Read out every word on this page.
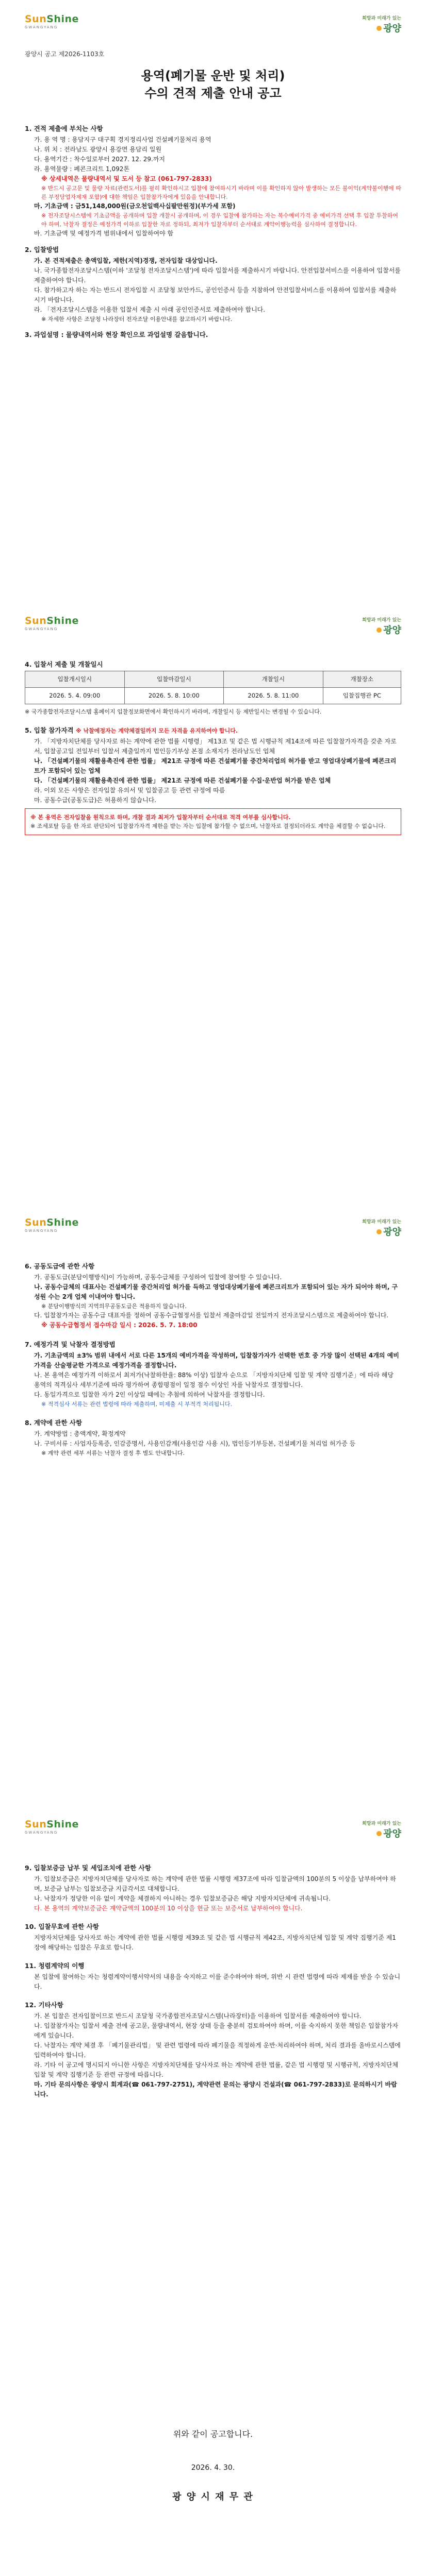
SunShine
GWANGYANG
희망과 미래가 있는
광양
광양시 공고 제2026-1103호
용역(폐기물 운반 및 처리)
수의 견적 제출 안내 공고
1. 견적 제출에 부치는 사항
가. 용 역 명 : 용담지구 대구획 경지정리사업 건설폐기물처리 용역
나. 위 치 : 전라남도 광양시 용강면 용담리 일원
다. 용역기간 : 착수일로부터 2027. 12. 29.까지
라. 용역물량 : 폐콘크리트 1,092톤
※ 상세내역은 물량내역서 및 도서 등 참고 (061-797-2833)
※ 반드시 공고문 및 물량 자료(관련도서)를 필히 확인하시고 입찰에 참여하시기 바라며 이를 확인하지 않아 발생하는 모든 불이익(계약불이행에 따른 부정당업자제재 포함)에 대한 책임은 입찰참가자에게 있음을 안내합니다.
마. 기초금액 : 금51,148,000원(금오천일백사십팔만원정)(부가세 포함)
※ 전자조달시스템에 기초금액을 공개하며 입찰 개찰시 공개하며, 이 경우 입찰에 참가하는 자는 복수예비가격 중 예비가격 선택 후 입찰 투찰하여야 하며, 낙찰자 결정은 예정가격 이하로 입찰한 자로 정하되, 최저가 입찰자부터 순서대로 계약이행능력을 심사하여 결정합니다.
바. 기초금액 및 예정가격 범위내에서 입찰하여야 함
2. 입찰방법
가. 본 견적제출은 총액입찰, 제한(지역)경쟁, 전자입찰 대상입니다.
나. 국가종합전자조달시스템(이하 '조달청 전자조달시스템')에 따라 입찰서를 제출하시기 바랍니다. 안전입찰서비스를 이용하여 입찰서를 제출하여야 합니다.
다. 참가하고자 하는 자는 반드시 전자입찰 시 조달청 보안카드, 공인인증서 등을 지참하여 안전입찰서비스를 이용하여 입찰서를 제출하시기 바랍니다.
라. 「전자조달시스템을 이용한 입찰서 제출 시 아래 공인인증서로 제출하여야 합니다.
※ 자세한 사항은 조달청 나라장터 전자조달 이용안내를 참고하시기 바랍니다.
3. 과업설명 : 물량내역서와 현장 확인으로 과업설명 갈음합니다.
SunShine
GWANGYANG
희망과 미래가 있는
광양
4. 입찰서 제출 및 개찰일시
입찰개시일시	입찰마감일시	개찰일시	개찰장소
2026. 5. 4. 09:00	2026. 5. 8. 10:00	2026. 5. 8. 11:00	입찰집행관 PC
※ 국가종합전자조달시스템 홈페이지 입찰정보화면에서 확인하시기 바라며, 개찰일시 등 제반일시는 변경될 수 있습니다.
5. 입찰 참가자격 ※ 낙찰예정자는 계약체결일까지 모든 자격을 유지하여야 합니다.
가. 「지방자치단체를 당사자로 하는 계약에 관한 법률 시행령」 제13조 및 같은 법 시행규칙 제14조에 따른 입찰참가자격을 갖춘 자로서, 입찰공고일 전일부터 입찰서 제출일까지 법인등기부상 본점 소재지가 전라남도인 업체
나. 「건설폐기물의 재활용촉진에 관한 법률」 제21조 규정에 따른 건설폐기물 중간처리업의 허가를 받고 영업대상폐기물에 폐콘크리트가 포함되어 있는 업체
다. 「건설폐기물의 재활용촉진에 관한 법률」 제21조 규정에 따른 건설폐기물 수집·운반업 허가를 받은 업체
라. 이외 모든 사항은 전자입찰 유의서 및 입찰공고 등 관련 규정에 따름
마. 공동수급(공동도급)은 허용하지 않습니다.
※ 본 용역은 전자입찰을 원칙으로 하며, 개찰 결과 최저가 입찰자부터 순서대로 적격 여부를 심사합니다.
※ 조세포탈 등을 한 자로 판단되어 입찰참가자격 제한을 받는 자는 입찰에 참가할 수 없으며, 낙찰자로 결정되더라도 계약을 체결할 수 없습니다.
SunShine
GWANGYANG
희망과 미래가 있는
광양
6. 공동도급에 관한 사항
가. 공동도급(분담이행방식)이 가능하며, 공동수급체를 구성하여 입찰에 참여할 수 있습니다.
나. 공동수급체의 대표사는 건설폐기물 중간처리업 허가를 득하고 영업대상폐기물에 폐콘크리트가 포함되어 있는 자가 되어야 하며, 구성원 수는 2개 업체 이내여야 합니다.
※ 분담이행방식의 지역의무공동도급은 적용하지 않습니다.
다. 입찰참가자는 공동수급 대표자를 정하여 공동수급협정서를 입찰서 제출마감일 전일까지 전자조달시스템으로 제출하여야 합니다.
※ 공동수급협정서 접수마감 일시 : 2026. 5. 7. 18:00
7. 예정가격 및 낙찰자 결정방법
가. 기초금액의 ±3% 범위 내에서 서로 다른 15개의 예비가격을 작성하며, 입찰참가자가 선택한 번호 중 가장 많이 선택된 4개의 예비가격을 산술평균한 가격으로 예정가격을 결정합니다.
나. 본 용역은 예정가격 이하로서 최저가(낙찰하한율: 88% 이상) 입찰자 순으로 「지방자치단체 입찰 및 계약 집행기준」에 따라 해당 용역의 적격심사 세부기준에 따라 평가하여 종합평점이 일정 점수 이상인 자를 낙찰자로 결정합니다.
다. 동일가격으로 입찰한 자가 2인 이상일 때에는 추첨에 의하여 낙찰자를 결정합니다.
※ 적격심사 서류는 관련 법령에 따라 제출하며, 미제출 시 부적격 처리됩니다.
8. 계약에 관한 사항
가. 계약방법 : 총액계약, 확정계약
나. 구비서류 : 사업자등록증, 인감증명서, 사용인감계(사용인감 사용 시), 법인등기부등본, 건설폐기물 처리업 허가증 등
※ 계약 관련 세부 서류는 낙찰자 결정 후 별도 안내합니다.
SunShine
GWANGYANG
희망과 미래가 있는
광양
9. 입찰보증금 납부 및 세입조치에 관한 사항
가. 입찰보증금은 지방자치단체를 당사자로 하는 계약에 관한 법률 시행령 제37조에 따라 입찰금액의 100분의 5 이상을 납부하여야 하며, 보증금 납부는 입찰보증금 지급각서로 대체합니다.
나. 낙찰자가 정당한 이유 없이 계약을 체결하지 아니하는 경우 입찰보증금은 해당 지방자치단체에 귀속됩니다.
다. 본 용역의 계약보증금은 계약금액의 100분의 10 이상을 현금 또는 보증서로 납부하여야 합니다.
10. 입찰무효에 관한 사항
지방자치단체를 당사자로 하는 계약에 관한 법률 시행령 제39조 및 같은 법 시행규칙 제42조, 지방자치단체 입찰 및 계약 집행기준 제1장에 해당하는 입찰은 무효로 합니다.
11. 청렴계약의 이행
본 입찰에 참여하는 자는 청렴계약이행서약서의 내용을 숙지하고 이를 준수하여야 하며, 위반 시 관련 법령에 따라 제재를 받을 수 있습니다.
12. 기타사항
가. 본 입찰은 전자입찰이므로 반드시 조달청 국가종합전자조달시스템(나라장터)을 이용하여 입찰서를 제출하여야 합니다.
나. 입찰참가자는 입찰서 제출 전에 공고문, 물량내역서, 현장 상태 등을 충분히 검토하여야 하며, 이를 숙지하지 못한 책임은 입찰참가자에게 있습니다.
다. 낙찰자는 계약 체결 후 「폐기물관리법」 및 관련 법령에 따라 폐기물을 적정하게 운반·처리하여야 하며, 처리 결과를 올바로시스템에 입력하여야 합니다.
라. 기타 이 공고에 명시되지 아니한 사항은 지방자치단체를 당사자로 하는 계약에 관한 법률, 같은 법 시행령 및 시행규칙, 지방자치단체 입찰 및 계약 집행기준 등 관련 규정에 따릅니다.
마. 기타 문의사항은 광양시 회계과(☎ 061-797-2751), 계약관련 문의는 광양시 건설과(☎ 061-797-2833)로 문의하시기 바랍니다.
위와 같이 공고합니다.
2026. 4. 30.
광 양 시 재 무 관
